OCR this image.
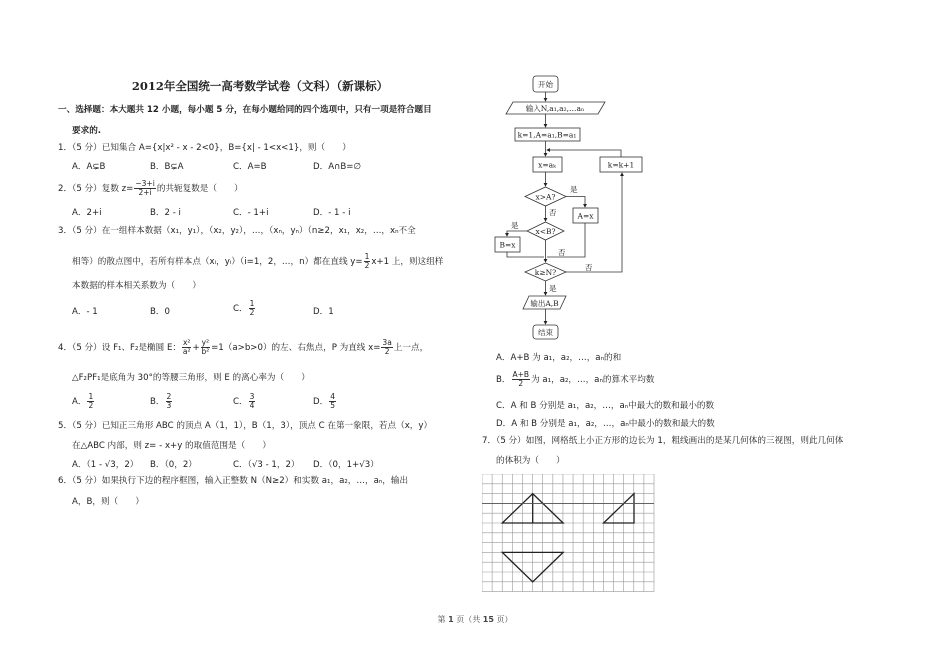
2012年全国统一高考数学试卷（文科）（新课标）
一、选择题：本大题共 12 小题，每小题 5 分，在每小题给同的四个选项中，只有一项是符合题目
要求的.
1．（5 分）已知集合 A={x|x² - x - 2<0}，B={x| - 1<x<1}，则（　　）
A．A⊊B	B．B⊊A	C．A=B	D．A∩B=∅
2．（5 分）复数 $z= \frac{-3+i}{2+i}$ 的共轭复数是（　　）
A．2+i	B．2 - i	C．- 1+i	D．- 1 - i
3．（5 分）在一组样本数据（x₁，y₁），（x₂，y₂），…，（xₙ，yₙ）（n≥2，x₁，x₂，…，xₙ不全
相等）的散点图中，若所有样本点（xᵢ，yᵢ）（i=1，2，…，n）都在直线 $y= \frac{1}{2} x+1$ 上，则这组样
本数据的样本相关系数为（　　）
A．- 1	B．0	C． $\frac{1}{2}$	D．1
4．（5 分）设 F₁、F₂是椭圆 E： $\frac{\text{x²}}{\text{a²}} + \frac{\text{y²}}{\text{b²}} =1(a>b>0)$的左、右焦点，P 为直线 $x= \frac{3a}{2}$ 上一点，
△F₂PF₁是底角为 30°的等腰三角形，则 E 的离心率为（　　）
A． $\frac{1}{2}$	B． $\frac{2}{3}$	C． $\frac{3}{4}$	D． $\frac{4}{5}$
5．（5 分）已知正三角形 ABC 的顶点 A（1，1），B（1，3），顶点 C 在第一象限，若点（x，y）
在△ABC 内部，则 z= - x+y 的取值范围是（　　）
A．（1 - √3，2） B．（0，2）	C．（√3 - 1，2） D．（0，1+√3）
6．（5 分）如果执行下边的程序框图，输入正整数 N（N≥2）和实数 a₁，a₂，…，aₙ，输出
A，B，则（　　）
开始
输入N,a₁,a₂,…aₙ
k=1,A=a₁,B=a₁
x=aₖ	k=k+1
x>A?
A=x
x<B?
B=x
k≥N?
输出A,B
结束
是
否
是
否
否
是
A．A+B 为 a₁，a₂，…，aₙ的和
B． $\frac{A+B}{2}$ 为 a₁，a₂，…，aₙ的算术平均数
C．A 和 B 分别是 a₁，a₂，…，aₙ中最大的数和最小的数
D．A 和 B 分别是 a₁，a₂，…，aₙ中最小的数和最大的数
7．（5 分）如图，网格纸上小正方形的边长为 1，粗线画出的是某几何体的三视图，则此几何体
的体积为（　　）
第 1 页（共 15 页）
